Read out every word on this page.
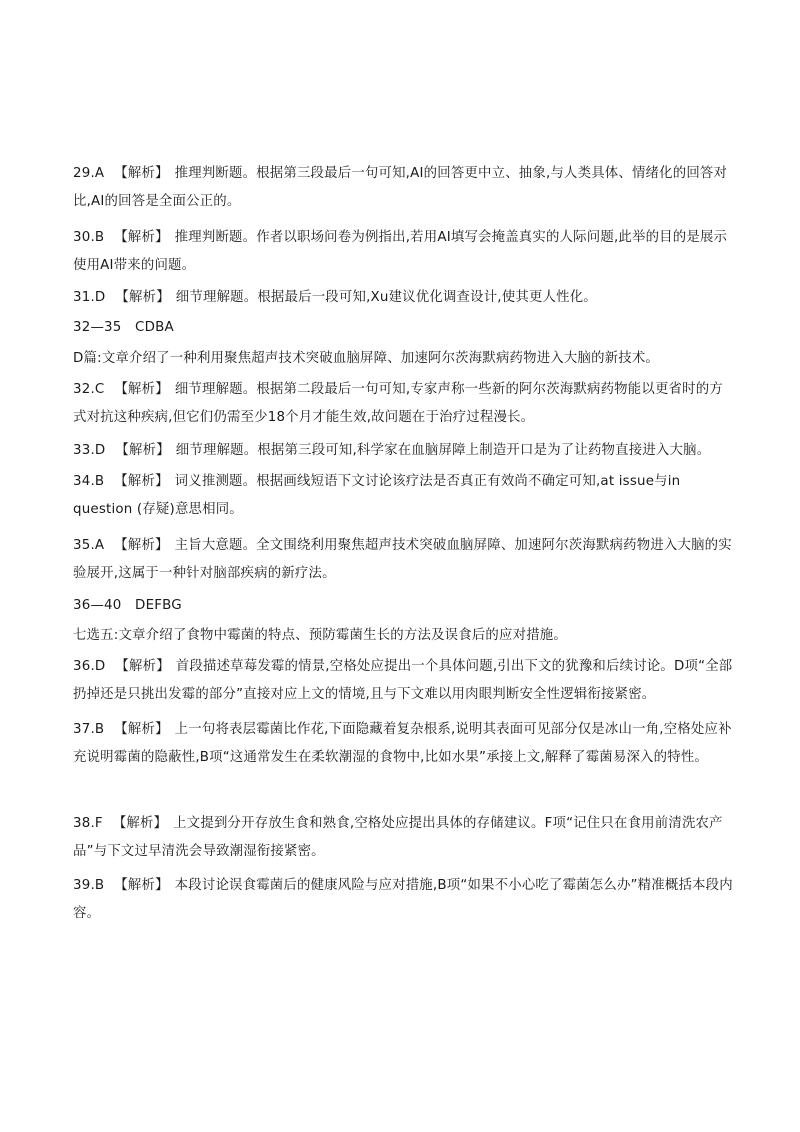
29.A 【解析】 推理判断题。根据第三段最后一句可知,AI的回答更中立、抽象,与人类具体、情绪化的回答对比,AI的回答是全面公正的。
30.B 【解析】 推理判断题。作者以职场问卷为例指出,若用AI填写会掩盖真实的人际问题,此举的目的是展示使用AI带来的问题。
31.D 【解析】 细节理解题。根据最后一段可知,Xu建议优化调查设计,使其更人性化。
32—35　CDBA
D篇:文章介绍了一种利用聚焦超声技术突破血脑屏障、加速阿尔茨海默病药物进入大脑的新技术。
32.C 【解析】 细节理解题。根据第二段最后一句可知,专家声称一些新的阿尔茨海默病药物能以更省时的方式对抗这种疾病,但它们仍需至少18个月才能生效,故问题在于治疗过程漫长。
33.D 【解析】 细节理解题。根据第三段可知,科学家在血脑屏障上制造开口是为了让药物直接进入大脑。
34.B 【解析】 词义推测题。根据画线短语下文讨论该疗法是否真正有效尚不确定可知,at issue与in question (存疑)意思相同。
35.A 【解析】 主旨大意题。全文围绕利用聚焦超声技术突破血脑屏障、加速阿尔茨海默病药物进入大脑的实验展开,这属于一种针对脑部疾病的新疗法。
36—40　DEFBG
七选五:文章介绍了食物中霉菌的特点、预防霉菌生长的方法及误食后的应对措施。
36.D 【解析】 首段描述草莓发霉的情景,空格处应提出一个具体问题,引出下文的犹豫和后续讨论。D项“全部扔掉还是只挑出发霉的部分”直接对应上文的情境,且与下文难以用肉眼判断安全性逻辑衔接紧密。
37.B 【解析】 上一句将表层霉菌比作花,下面隐藏着复杂根系,说明其表面可见部分仅是冰山一角,空格处应补充说明霉菌的隐蔽性,B项“这通常发生在柔软潮湿的食物中,比如水果”承接上文,解释了霉菌易深入的特性。
38.F 【解析】 上文提到分开存放生食和熟食,空格处应提出具体的存储建议。F项“记住只在食用前清洗农产品”与下文过早清洗会导致潮湿衔接紧密。
39.B 【解析】 本段讨论误食霉菌后的健康风险与应对措施,B项“如果不小心吃了霉菌怎么办”精准概括本段内容。
